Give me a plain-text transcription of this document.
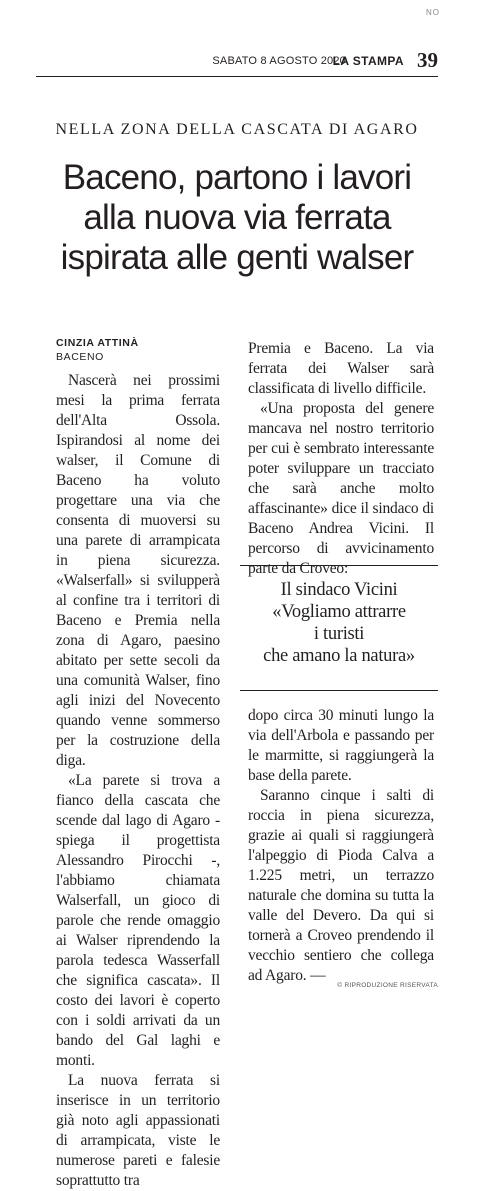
NO
SABATO 8 AGOSTO 2020
LA STAMPA 39
NELLA ZONA DELLA CASCATA DI AGARO
Baceno, partono i lavori
alla nuova via ferrata
ispirata alle genti walser
CINZIA ATTINÀ
BACENO

Nascerà nei prossimi mesi la prima ferrata dell'Alta Ossola. Ispirandosi al nome dei walser, il Comune di Baceno ha voluto progettare una via che consenta di muoversi su una parete di arrampicata in piena sicurezza. «Walserfall» si svilupperà al confine tra i territori di Baceno e Premia nella zona di Agaro, paesino abitato per sette secoli da una comunità Walser, fino agli inizi del Novecento quando venne sommerso per la costruzione della diga.

«La parete si trova a fianco della cascata che scende dal lago di Agaro - spiega il progettista Alessandro Pirocchi -, l'abbiamo chiamata Walserfall, un gioco di parole che rende omaggio ai Walser riprendendo la parola tedesca Wasserfall che significa cascata». Il costo dei lavori è coperto con i soldi arrivati da un bando del Gal laghi e monti.

La nuova ferrata si inserisce in un territorio già noto agli appassionati di arrampicata, viste le numerose pareti e falesie soprattutto tra

Premia e Baceno. La via ferrata dei Walser sarà classificata di livello difficile.

«Una proposta del genere mancava nel nostro territorio per cui è sembrato interessante poter sviluppare un tracciato che sarà anche molto affascinante» dice il sindaco di Baceno Andrea Vicini. Il percorso di avvicinamento parte da Croveo:

Il sindaco Vicini
«Vogliamo attrarre
i turisti
che amano la natura»

dopo circa 30 minuti lungo la via dell'Arbola e passando per le marmitte, si raggiungerà la base della parete.

Saranno cinque i salti di roccia in piena sicurezza, grazie ai quali si raggiungerà l'alpeggio di Pioda Calva a 1.225 metri, un terrazzo naturale che domina su tutta la valle del Devero. Da qui si tornerà a Croveo prendendo il vecchio sentiero che collega ad Agaro. —

© RIPRODUZIONE RISERVATA
